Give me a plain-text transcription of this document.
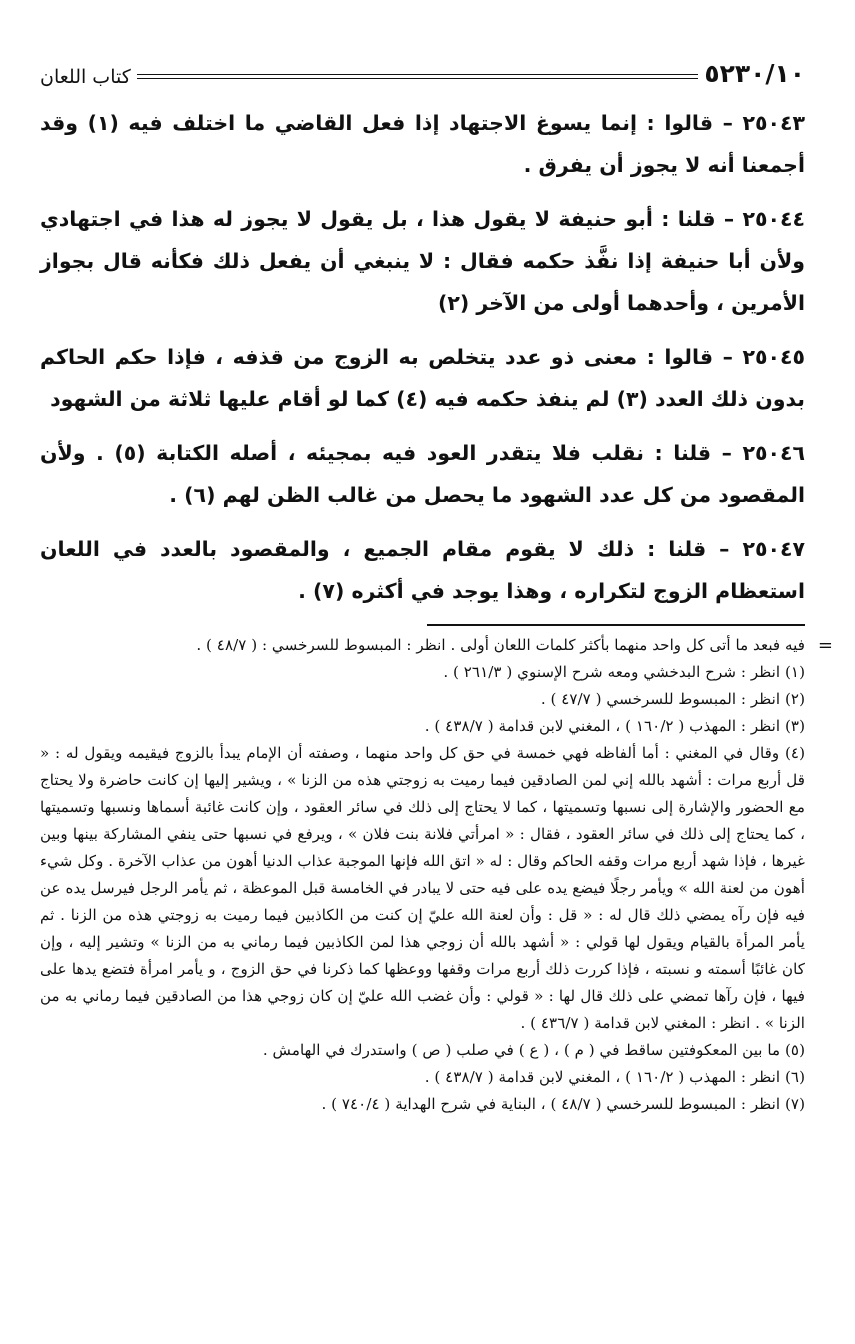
٥٢٣٠/١٠
كتاب اللعان

٢٥٠٤٣ – قالوا : إنما يسوغ الاجتهاد إذا فعل القاضي ما اختلف فيه (١) وقد أجمعنا أنه لا يجوز أن يفرق .

٢٥٠٤٤ – قلنا : أبو حنيفة لا يقول هذا ، بل يقول لا يجوز له هذا في اجتهادي ولأن أبا حنيفة إذا نفَّذ حكمه فقال : لا ينبغي أن يفعل ذلك فكأنه قال بجواز الأمرين ، وأحدهما أولى من الآخر (٢)

٢٥٠٤٥ – قالوا : معنى ذو عدد يتخلص به الزوج من قذفه ، فإذا حكم الحاكم بدون ذلك العدد (٣) لم ينفذ حكمه فيه (٤) كما لو أقام عليها ثلاثة من الشهود

٢٥٠٤٦ – قلنا : نقلب فلا يتقدر العود فيه بمجيئه ، أصله الكتابة (٥) . ولأن المقصود من كل عدد الشهود ما يحصل من غالب الظن لهم (٦) .

٢٥٠٤٧ – قلنا : ذلك لا يقوم مقام الجميع ، والمقصود بالعدد في اللعان استعظام الزوج لتكراره ، وهذا يوجد في أكثره (٧) .

=
فيه فبعد ما أتى كل واحد منهما بأكثر كلمات اللعان أولى . انظر : المبسوط للسرخسي : ( ٤٨/٧ ) .

(١) انظر : شرح البدخشي ومعه شرح الإسنوي ( ٢٦١/٣ ) .

(٢) انظر : المبسوط للسرخسي ( ٤٧/٧ ) .

(٣) انظر : المهذب ( ١٦٠/٢ ) ، المغني لابن قدامة ( ٤٣٨/٧ ) .

(٤) وقال في المغني : أما ألفاظه فهي خمسة في حق كل واحد منهما ، وصفته أن الإمام يبدأ بالزوج فيقيمه ويقول له : « قل أربع مرات : أشهد بالله إني لمن الصادقين فيما رميت به زوجتي هذه من الزنا » ، ويشير إليها إن كانت حاضرة ولا يحتاج مع الحضور والإشارة إلى نسبها وتسميتها ، كما لا يحتاج إلى ذلك في سائر العقود ، وإن كانت غائبة أسماها ونسبها وتسميتها ، كما يحتاج إلى ذلك في سائر العقود ، فقال : « امرأتي فلانة بنت فلان » ، ويرفع في نسبها حتى ينفي المشاركة بينها وبين غيرها ، فإذا شهد أربع مرات وقفه الحاكم وقال : له « اتق الله فإنها الموجبة عذاب الدنيا أهون من عذاب الآخرة . وكل شيء أهون من لعنة الله » ويأمر رجلًا فيضع يده على فيه حتى لا يبادر في الخامسة قبل الموعظة ، ثم يأمر الرجل فيرسل يده عن فيه فإن رآه يمضي ذلك قال له : « قل : وأن لعنة الله عليّ إن كنت من الكاذبين فيما رميت به زوجتي هذه من الزنا . ثم يأمر المرأة بالقيام ويقول لها قولي : « أشهد بالله أن زوجي هذا لمن الكاذبين فيما رماني به من الزنا » وتشير إليه ، وإن كان غائبًا أسمته و نسبته ، فإذا كررت ذلك أربع مرات وقفها ووعظها كما ذكرنا في حق الزوج ، و يأمر امرأة فتضع يدها على فيها ، فإن رآها تمضي على ذلك قال لها : « قولي : وأن غضب الله عليّ إن كان زوجي هذا من الصادقين فيما رماني به من الزنا » . انظر : المغني لابن قدامة ( ٤٣٦/٧ ) .

(٥) ما بين المعكوفتين ساقط في ( م ) ، ( ع ) في صلب ( ص ) واستدرك في الهامش .

(٦) انظر : المهذب ( ١٦٠/٢ ) ، المغني لابن قدامة ( ٤٣٨/٧ ) .

(٧) انظر : المبسوط للسرخسي ( ٤٨/٧ ) ، البناية في شرح الهداية ( ٧٤٠/٤ ) .
